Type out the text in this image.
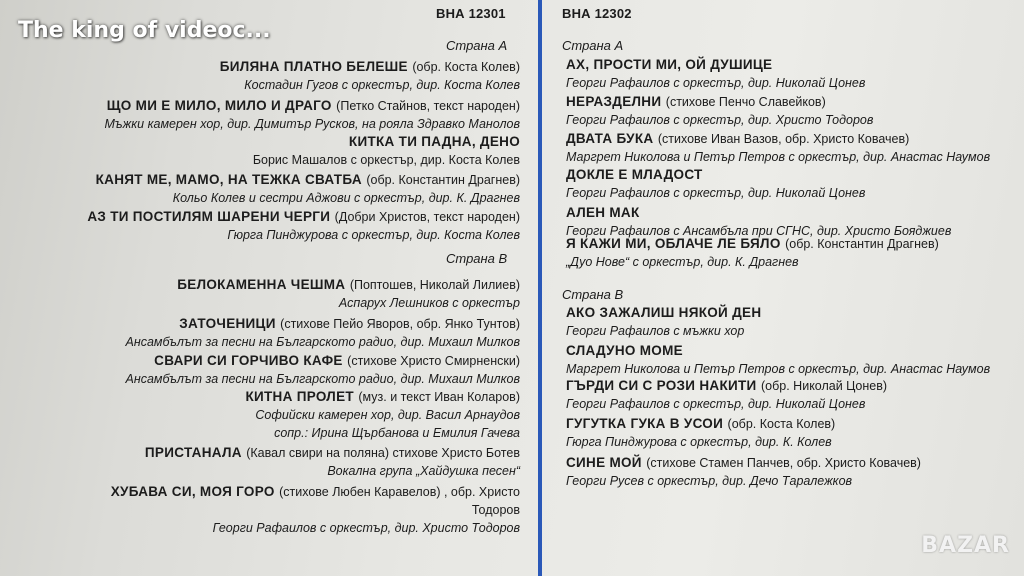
ВНА 12301
Страна А
БИЛЯНА ПЛАТНО БЕЛЕШЕ (обр. Коста Колев)
Костадин Гугов с оркестър, дир. Коста Колев
ЩО МИ Е МИЛО, МИЛО И ДРАГО (Петко Стайнов, текст народен)
Мъжки камерен хор, дир. Димитър Русков, на рояла Здравко Манолов
КИТКА ТИ ПАДНА, ДЕНО
Борис Машалов с оркестър, дир. Коста Колев
КАНЯТ МЕ, МАМО, НА ТЕЖКА СВАТБА (обр. Константин Драгнев)
Кольо Колев и сестри Аджови с оркестър, дир. К. Драгнев
АЗ ТИ ПОСТИЛЯМ ШАРЕНИ ЧЕРГИ (Добри Христов, текст народен)
Гюрга Пинджурова с оркестър, дир. Коста Колев
Страна В
БЕЛОКАМЕННА ЧЕШМА (Поптошев, Николай Лилиев)
Аспарух Лешников с оркестър
ЗАТОЧЕНИЦИ (стихове Пейо Яворов, обр. Янко Тунтов)
Ансамбълът за песни на Българското радио, дир. Михаил Милков
СВАРИ СИ ГОРЧИВО КАФЕ (стихове Христо Смирненски)
Ансамбълът за песни на Българското радио, дир. Михаил Милков
КИТНА ПРОЛЕТ (муз. и текст Иван Коларов)
Софийски камерен хор, дир. Васил Арнаудов
сопр.: Ирина Щърбанова и Емилия Гачева
ПРИСТАНАЛА (Кавал свири на поляна) стихове Христо Ботев
Вокална група „Хайдушка песен“
ХУБАВА СИ, МОЯ ГОРО (стихове Любен Каравелов) , обр. Христо
Тодоров
Георги Рафаилов с оркестър, дир. Христо Тодоров
ВНА 12302
Страна А
АХ, ПРОСТИ МИ, ОЙ ДУШИЦЕ
Георги Рафаилов с оркестър, дир. Николай Цонев
НЕРАЗДЕЛНИ (стихове Пенчо Славейков)
Георги Рафаилов с оркестър, дир. Христо Тодоров
ДВАТА БУКА (стихове Иван Вазов, обр. Христо Ковачев)
Маргрет Николова и Петър Петров с оркестър, дир. Анастас Наумов
ДОКЛЕ Е МЛАДОСТ
Георги Рафаилов с оркестър, дир. Николай Цонев
АЛЕН МАК
Георги Рафаилов с Ансамбъла при СГНС, дир. Христо Бояджиев
Я КАЖИ МИ, ОБЛАЧЕ ЛЕ БЯЛО (обр. Константин Драгнев)
„Дуо Нове“ с оркестър, дир. К. Драгнев
Страна В
АКО ЗАЖАЛИШ НЯКОЙ ДЕН
Георги Рафаилов с мъжки хор
СЛАДУНО МОМЕ
Маргрет Николова и Петър Петров с оркестър, дир. Анастас Наумов
ГЪРДИ СИ С РОЗИ НАКИТИ (обр. Николай Цонев)
Георги Рафаилов с оркестър, дир. Николай Цонев
ГУГУТКА ГУКА В УСОИ (обр. Коста Колев)
Гюрга Пинджурова с оркестър, дир. К. Колев
СИНЕ МОЙ (стихове Стамен Панчев, обр. Христо Ковачев)
Георги Русев с оркестър, дир. Дечо Тaралежков
The king of videoc...
BAZAR
